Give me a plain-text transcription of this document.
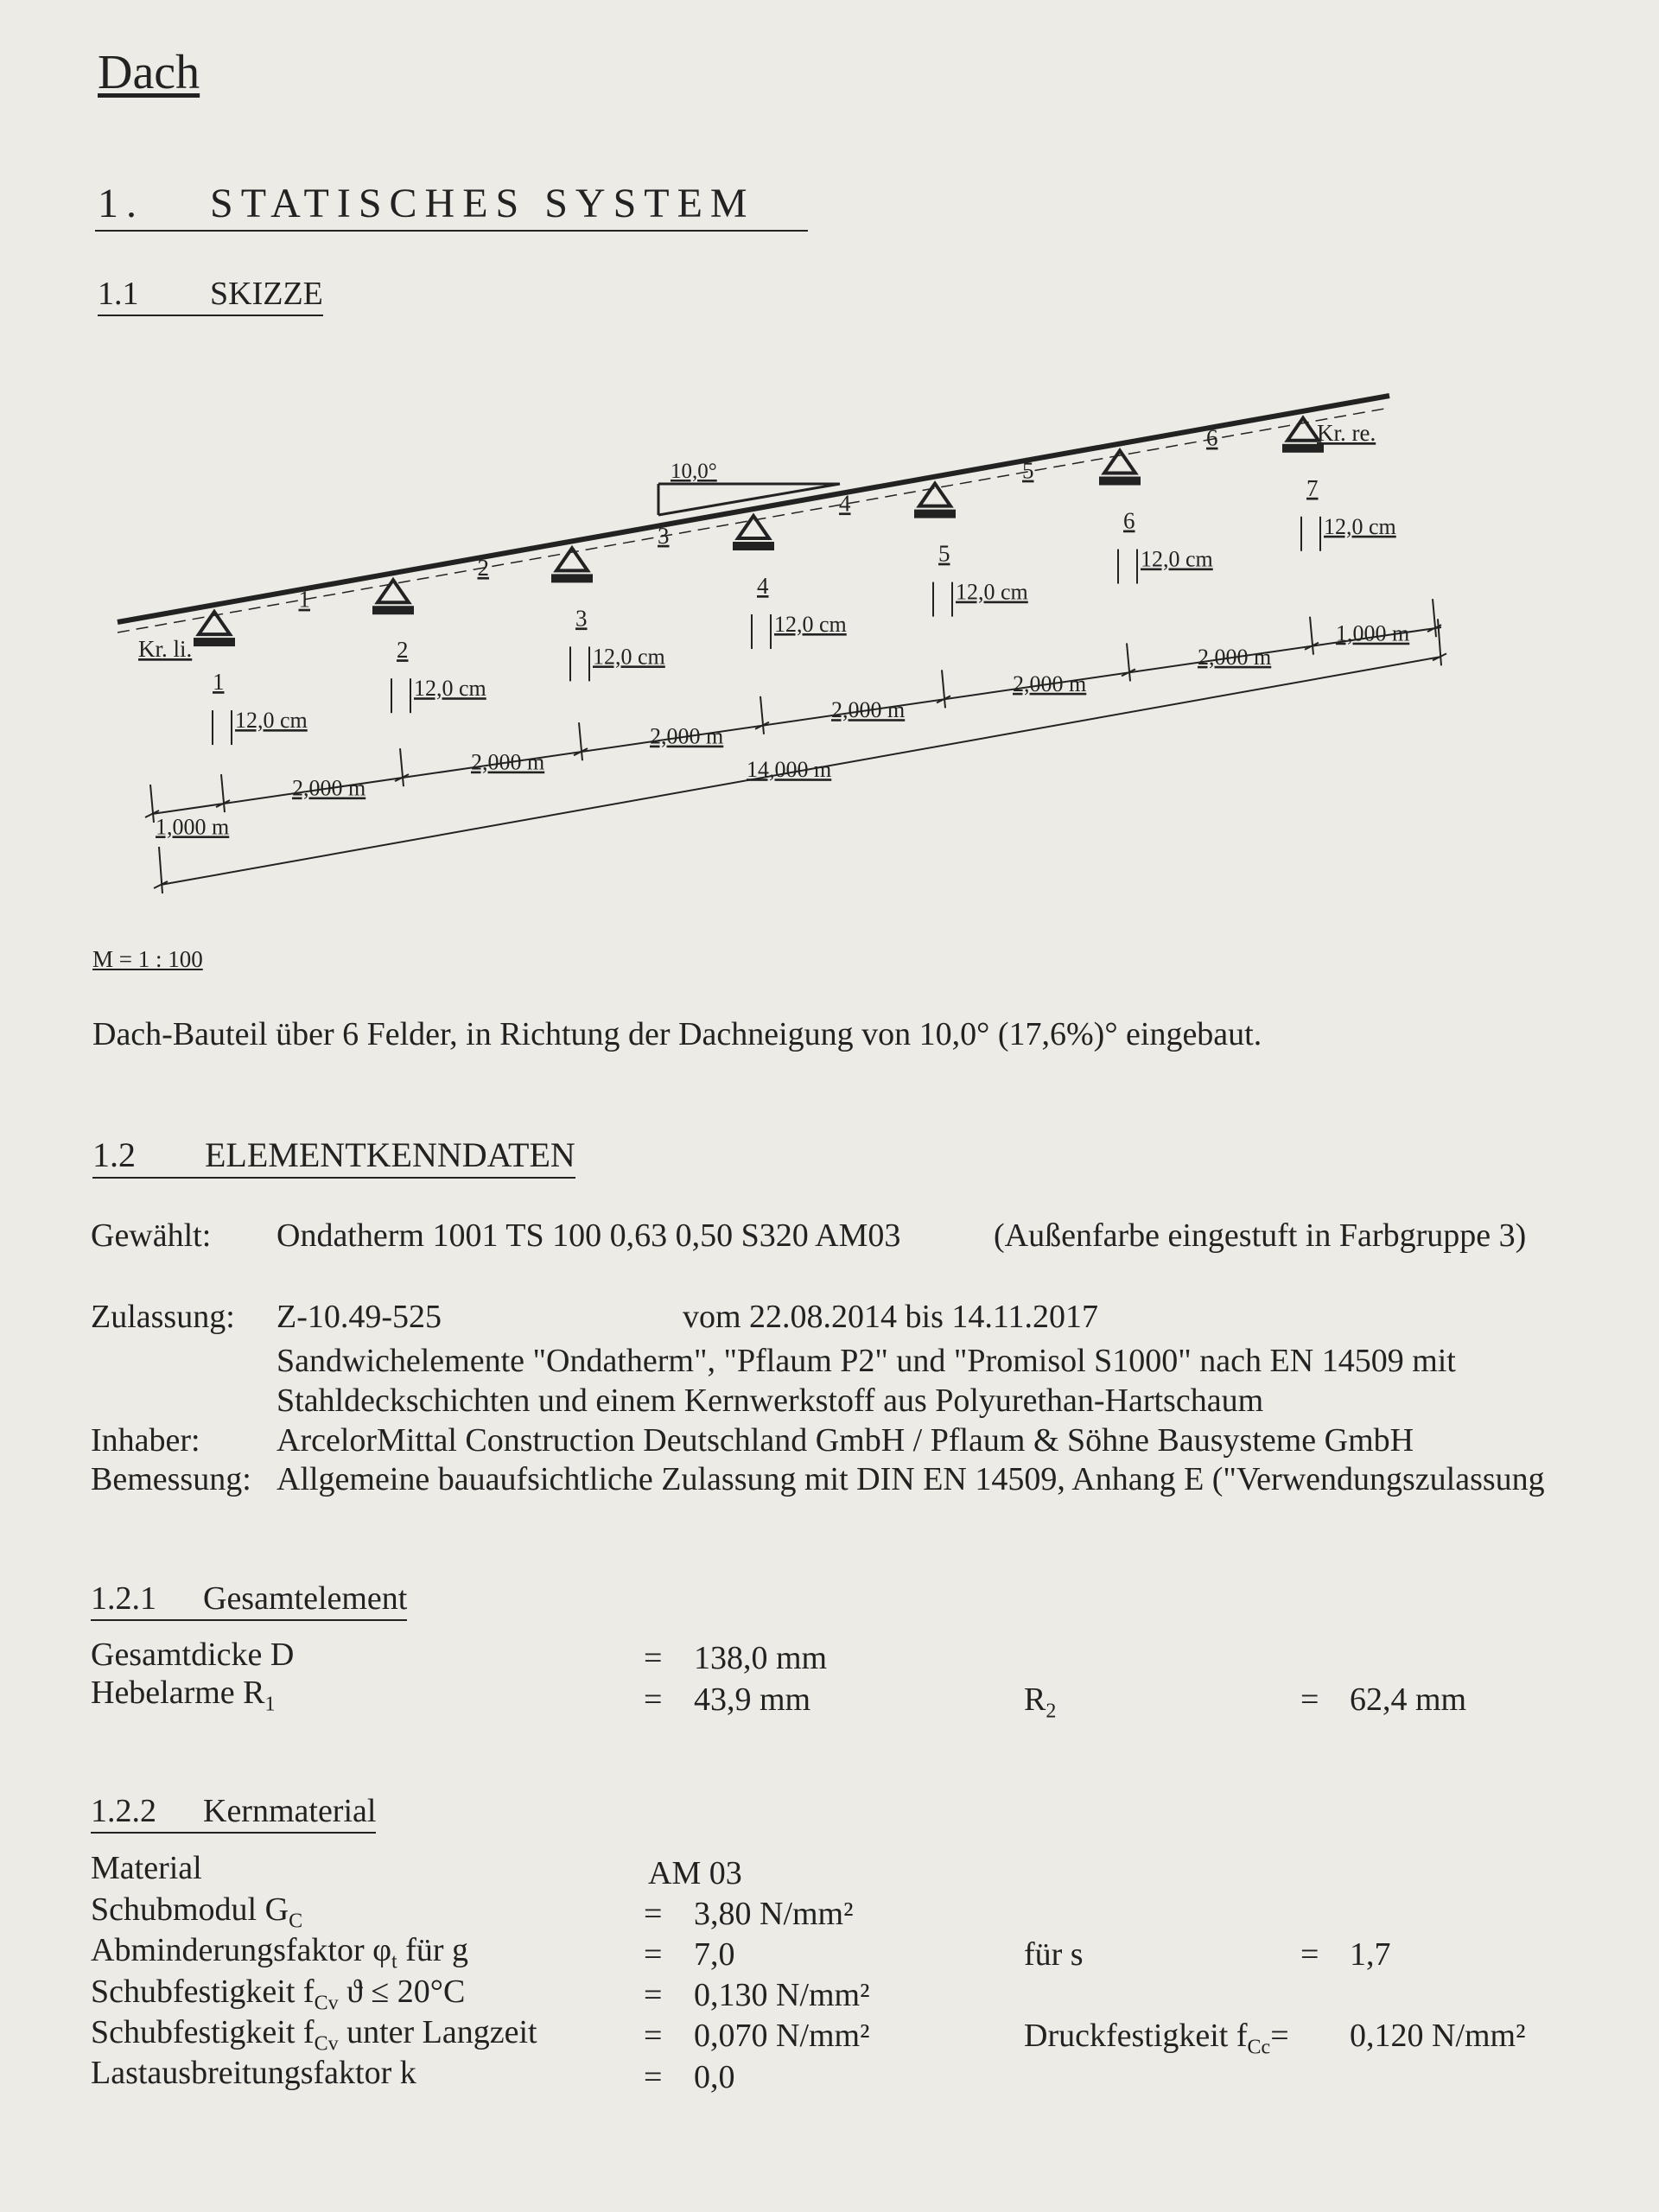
Dach
1. STATISCHES SYSTEM
1.1 SKIZZE
10,0°
1
12,0 cm
2
12,0 cm
3
12,0 cm
4
12,0 cm
5
12,0 cm
6
12,0 cm
7
12,0 cm
1
2
3
4
5
6
Kr. li.
Kr. re.
1,000 m
2,000 m
2,000 m
2,000 m
2,000 m
2,000 m
2,000 m
1,000 m
14,000 m
M = 1 : 100
Dach-Bauteil über 6 Felder, in Richtung der Dachneigung von 10,0° (17,6%)° eingebaut.
1.2 ELEMENTKENNDATEN
Gewählt: Ondatherm 1001 TS 100 0,63 0,50 S320 AM03	(Außenfarbe eingestuft in Farbgruppe 3)
Zulassung: Z-10.49-525	vom 22.08.2014 bis 14.11.2017
Sandwichelemente "Ondatherm", "Pflaum P2" und "Promisol S1000" nach EN 14509 mit
Stahldeckschichten und einem Kernwerkstoff aus Polyurethan-Hartschaum
Inhaber: ArcelorMittal Construction Deutschland GmbH / Pflaum & Söhne Bausysteme GmbH
Bemessung: Allgemeine bauaufsichtliche Zulassung mit DIN EN 14509, Anhang E ("Verwendungszulassung
1.2.1 Gesamtelement
Gesamtdicke D	= 138,0 mm
Hebelarme $R_1$	= 43,9 mm	$R_2$	= 62,4 mm
1.2.2 Kernmaterial
Material	AM 03
Schubmodul $G_C$	= 3,80 N/mm²
Abminderungsfaktor $\varphi_t$ für g	= 7,0	für s	= 1,7
Schubfestigkeit $f_{Cv}$ ϑ ≤ 20°C	= 0,130 N/mm²
Schubfestigkeit $f_{Cv}$ unter Langzeit	= 0,070 N/mm²	Druckfestigkeit $f_{Cc}= 0,120$ N/mm²
Lastausbreitungsfaktor k	= 0,0
